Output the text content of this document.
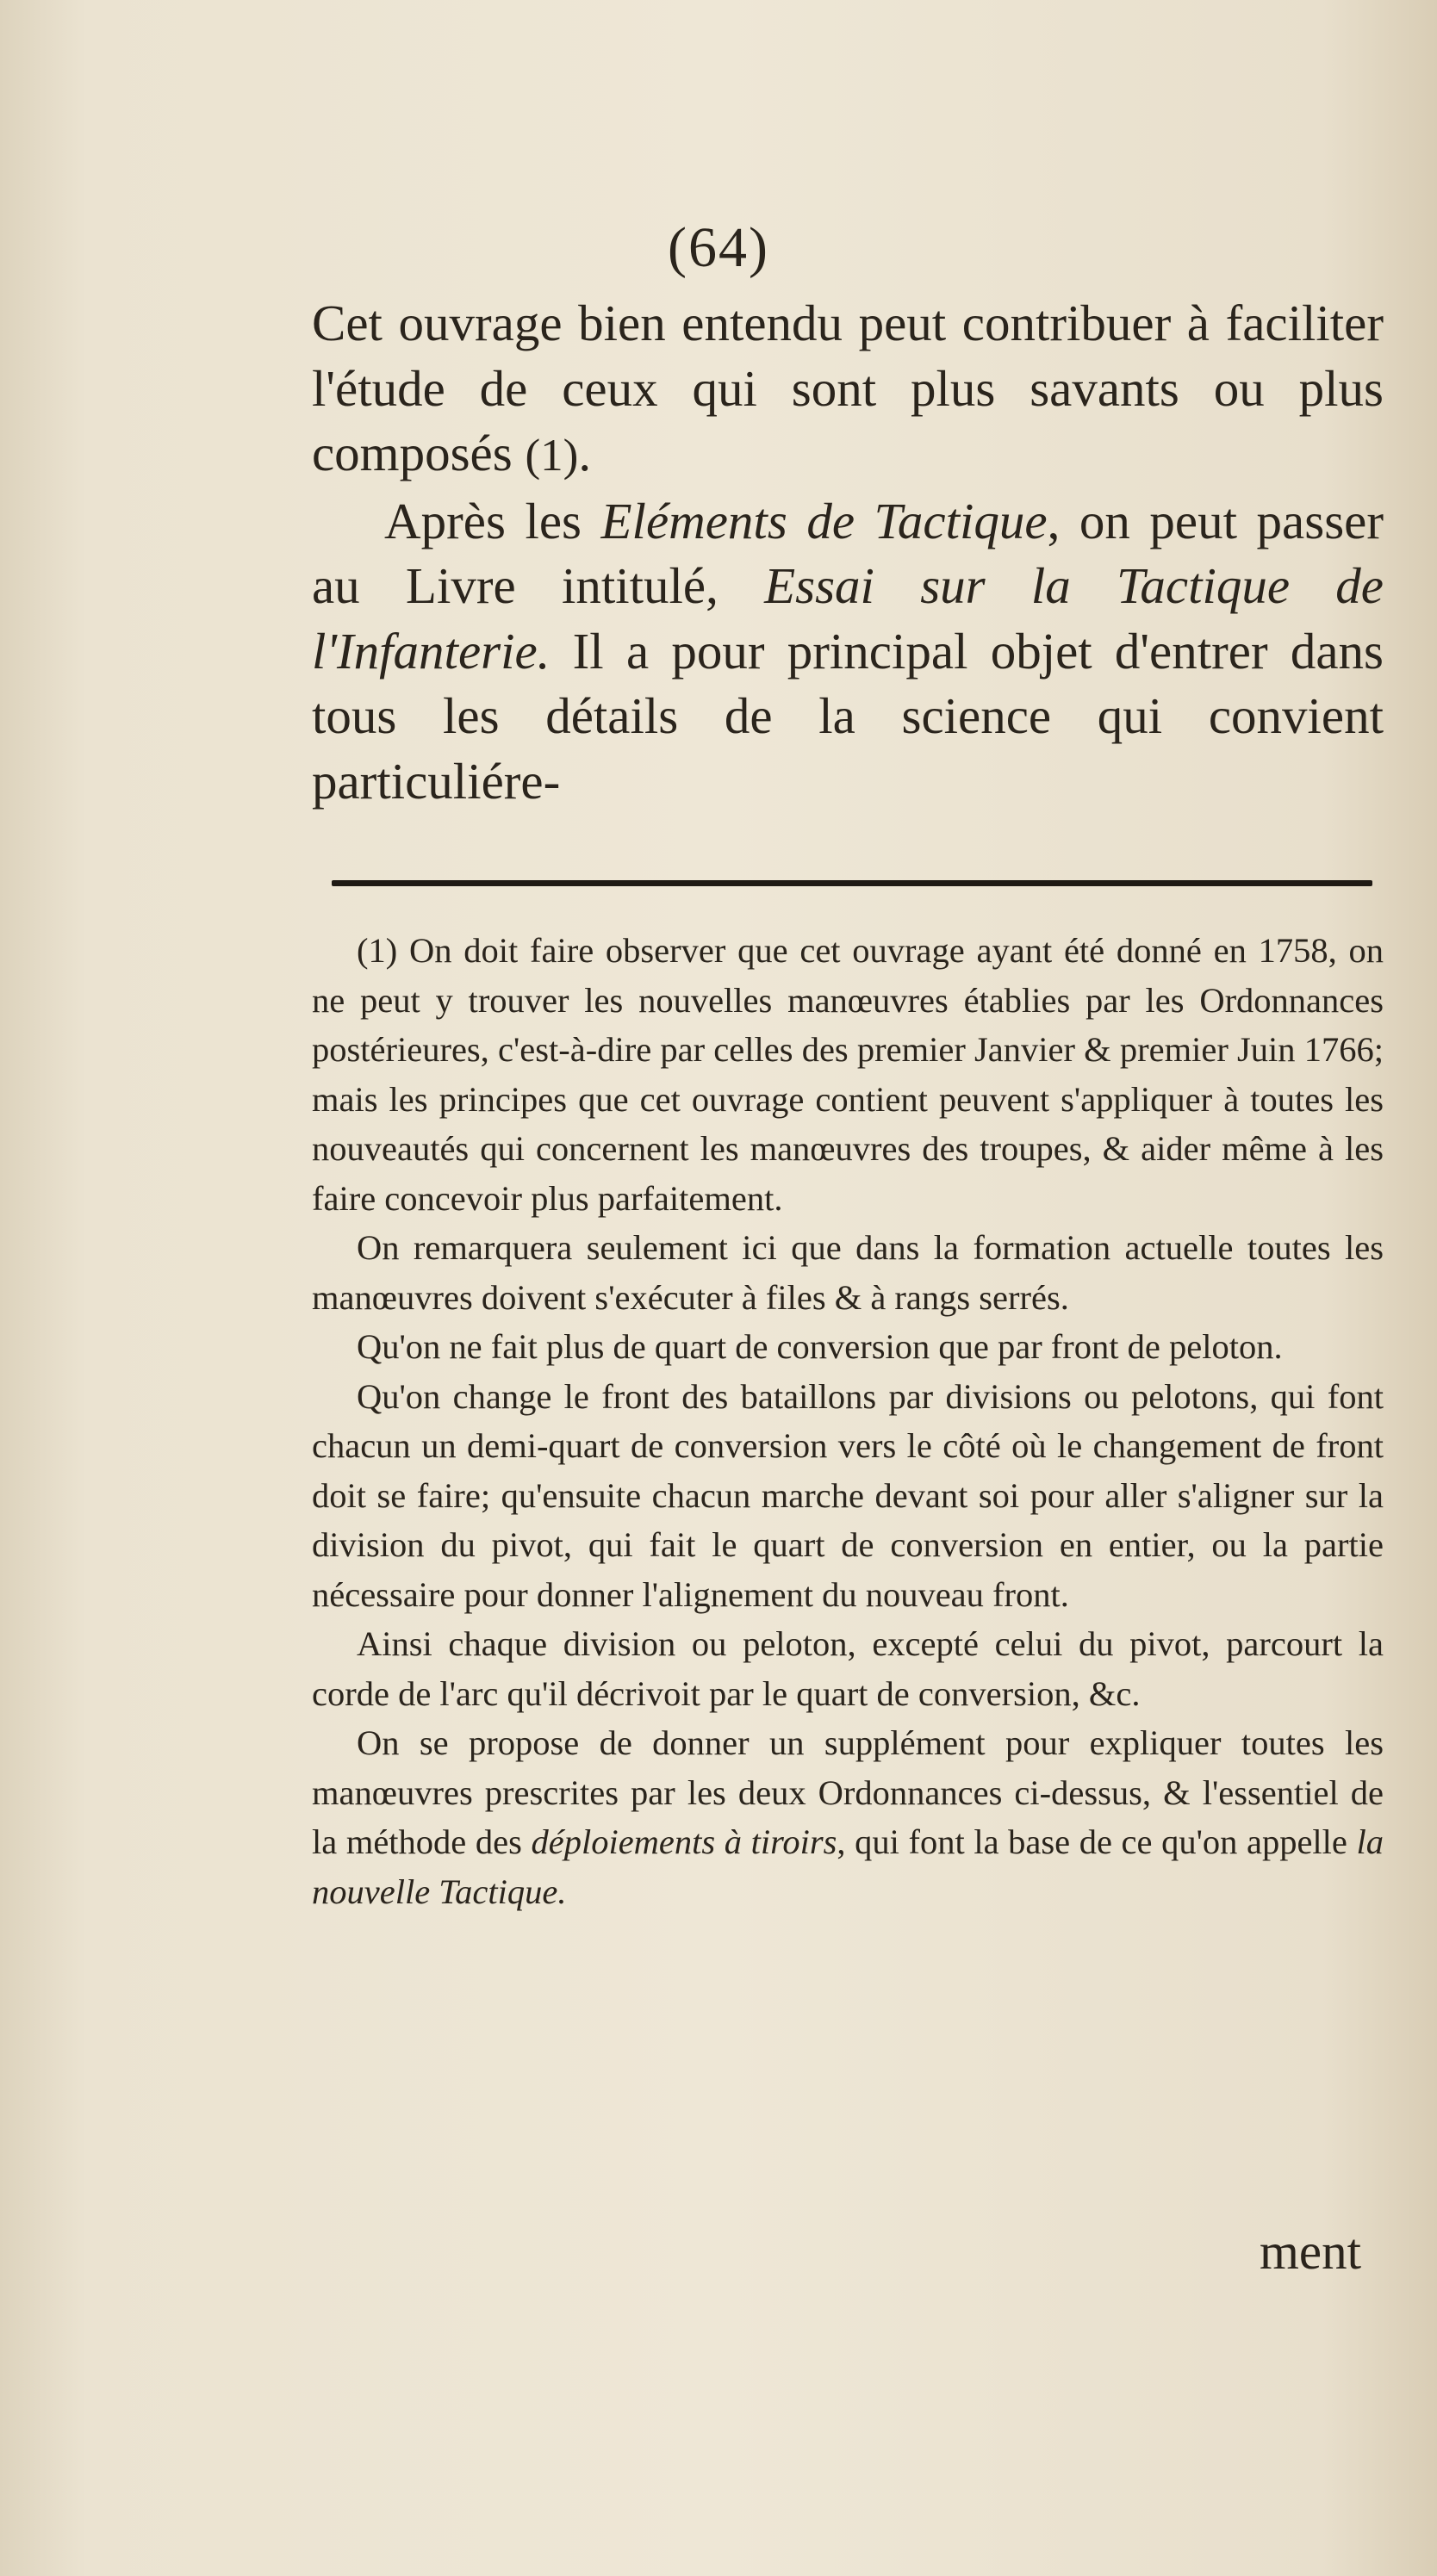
(64)

Cet ouvrage bien entendu peut contribuer à faciliter l'étude de ceux qui sont plus savants ou plus composés (1).

Après les Eléments de Tactique, on peut passer au Livre intitulé, Essai sur la Tactique de l'Infanterie. Il a pour principal objet d'entrer dans tous les détails de la science qui convient particuliére-

(1) On doit faire observer que cet ouvrage ayant été donné en 1758, on ne peut y trouver les nouvelles manœuvres établies par les Ordonnances postérieures, c'est-à-dire par celles des premier Janvier & premier Juin 1766; mais les principes que cet ouvrage contient peuvent s'appliquer à toutes les nouveautés qui concernent les manœuvres des troupes, & aider même à les faire concevoir plus parfaitement.

On remarquera seulement ici que dans la formation actuelle toutes les manœuvres doivent s'exécuter à files & à rangs serrés.

Qu'on ne fait plus de quart de conversion que par front de peloton.

Qu'on change le front des bataillons par divisions ou pelotons, qui font chacun un demi-quart de conversion vers le côté où le changement de front doit se faire; qu'ensuite chacun marche devant soi pour aller s'aligner sur la division du pivot, qui fait le quart de conversion en entier, ou la partie nécessaire pour donner l'alignement du nouveau front.

Ainsi chaque division ou peloton, excepté celui du pivot, parcourt la corde de l'arc qu'il décrivoit par le quart de conversion, &c.

On se propose de donner un supplément pour expliquer toutes les manœuvres prescrites par les deux Ordonnances ci-dessus, & l'essentiel de la méthode des déploiements à tiroirs, qui font la base de ce qu'on appelle la nouvelle Tactique.

ment
